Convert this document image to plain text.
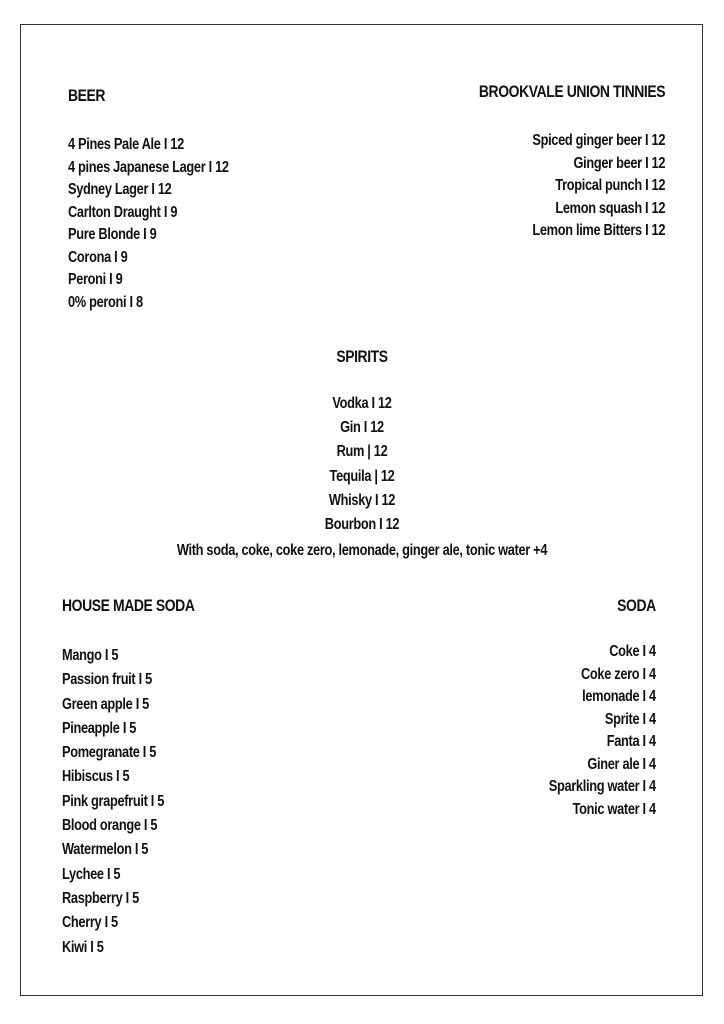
BEER
4 Pines Pale Ale I 12
4 pines Japanese Lager I 12
Sydney Lager I 12
Carlton Draught I 9
Pure Blonde I 9
Corona I 9
Peroni I 9
0% peroni I 8
BROOKVALE UNION TINNIES
Spiced ginger beer I 12
Ginger beer I 12
Tropical punch I 12
Lemon squash I 12
Lemon lime Bitters I 12
SPIRITS
Vodka I 12
Gin I 12
Rum | 12
Tequila | 12
Whisky I 12
Bourbon I 12
With soda, coke, coke zero, lemonade, ginger ale, tonic water +4
HOUSE MADE SODA
Mango I 5
Passion fruit I 5
Green apple I 5
Pineapple I 5
Pomegranate I 5
Hibiscus I 5
Pink grapefruit I 5
Blood orange I 5
Watermelon I 5
Lychee I 5
Raspberry I 5
Cherry I 5
Kiwi I 5
SODA
Coke I 4
Coke zero I 4
lemonade I 4
Sprite I 4
Fanta I 4
Giner ale I 4
Sparkling water I 4
Tonic water I 4
